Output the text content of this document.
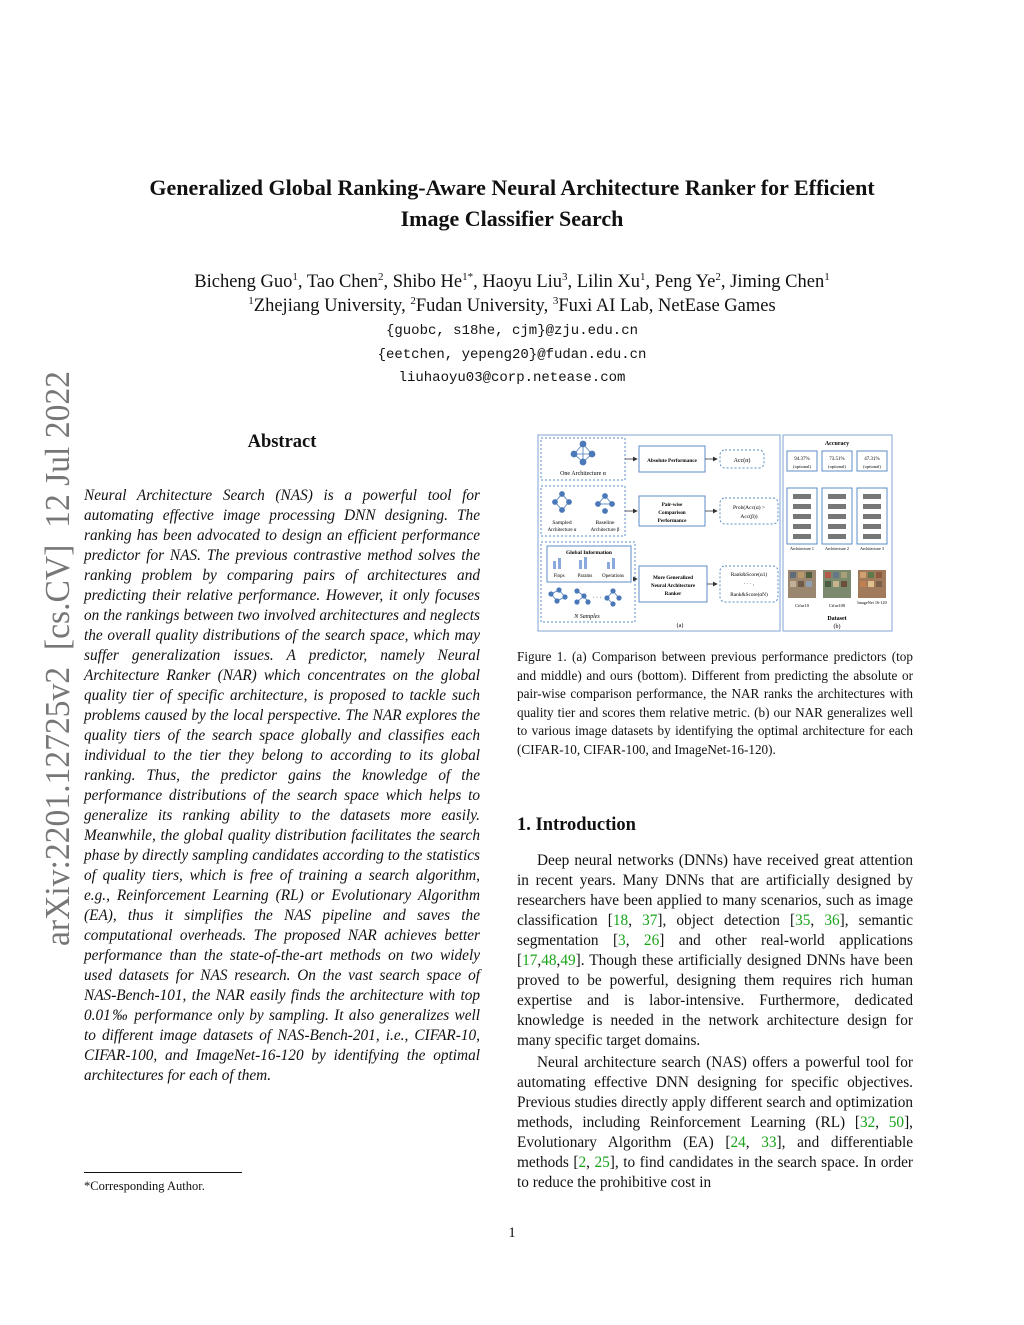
Generalized Global Ranking-Aware Neural Architecture Ranker for Efficient
Image Classifier Search
Bicheng Guo$^1$, Tao Chen$^2$, Shibo $He^{1*}$, Haoyu Liu$^3$, Lilin Xu$^1$, Peng Ye$^2$, Jiming Chen$^1$
$^1$Zhejiang University, $^2$Fudan University, $^3$Fuxi AI Lab, NetEase Games
{guobc, s18he, cjm}@zju.edu.cn
{eetchen, yepeng20}@fudan.edu.cn
liuhaoyu03@corp.netease.com
arXiv:2201.12725v2  [cs.CV]  12 Jul 2022	Abstract
Neural Architecture Search (NAS) is a powerful tool for automating effective image processing DNN designing. The ranking has been advocated to design an efficient performance predictor for NAS. The previous contrastive method solves the ranking problem by comparing pairs of architectures and predicting their relative performance. However, it only focuses on the rankings between two involved architectures and neglects the overall quality distributions of the search space, which may suffer generalization issues. A predictor, namely Neural Architecture Ranker (NAR) which concentrates on the global quality tier of specific architecture, is proposed to tackle such problems caused by the local perspective. The NAR explores the quality tiers of the search space globally and classifies each individual to the tier they belong to according to its global ranking. Thus, the predictor gains the knowledge of the performance distributions of the search space which helps to generalize its ranking ability to the datasets more easily. Meanwhile, the global quality distribution facilitates the search phase by directly sampling candidates according to the statistics of quality tiers, which is free of training a search algorithm, e.g., Reinforcement Learning (RL) or Evolutionary Algorithm (EA), thus it simplifies the NAS pipeline and saves the computational overheads. The proposed NAR achieves better performance than the state-of-the-art methods on two widely used datasets for NAS research. On the vast search space of NAS-Bench-101, the NAR easily finds the architecture with top 0.01‰ performance only by sampling. It also generalizes well to different image datasets of NAS-Bench-201, i.e., CIFAR-10, CIFAR-100, and ImageNet-16-120 by identifying the optimal architectures for each of them.
*Corresponding Author.
One Architecture α
Sampled
Architecture α
Baseline
Architecture β
Global Information
Flops	Params Operations
· · ·
N Samples
Absolute Performance
Pair-wise
Comparison
Performance
More Generalized
Neural Architecture
Ranker
Acc(α)
Prob(Acc(α) >
Acc(β))
Rank&Score(α1)
· · · ,
Rank&Score(αN)
(a)
Accuracy
94.37%	73.51%	47.31%
(optional)	(optional)	(optional)
Architecture 1	Architecture 2	Architecture 3
Cifar10	Cifar100
ImageNet 16-120
Dataset
(b)
Figure 1. (a) Comparison between previous performance predictors (top and middle) and ours (bottom). Different from predicting the absolute or pair-wise comparison performance, the NAR ranks the architectures with quality tier and scores them relative metric. (b) our NAR generalizes well to various image datasets by identifying the optimal architecture for each (CIFAR-10, CIFAR-100, and ImageNet-16-120).
1. Introduction

Deep neural networks (DNNs) have received great attention in recent years. Many DNNs that are artificially designed by researchers have been applied to many scenarios, such as image classification [18, 37], object detection [35, 36], semantic segmentation [3, 26] and other real-world applications [17,48,49]. Though these artificially designed DNNs have been proved to be powerful, designing them requires rich human expertise and is labor-intensive. Furthermore, dedicated knowledge is needed in the network architecture design for many specific target domains.

Neural architecture search (NAS) offers a powerful tool for automating effective DNN designing for specific objectives. Previous studies directly apply different search and optimization methods, including Reinforcement Learning (RL) [32, 50], Evolutionary Algorithm (EA) [24, 33], and differentiable methods [2, 25], to find candidates in the search space. In order to reduce the prohibitive cost in

1
